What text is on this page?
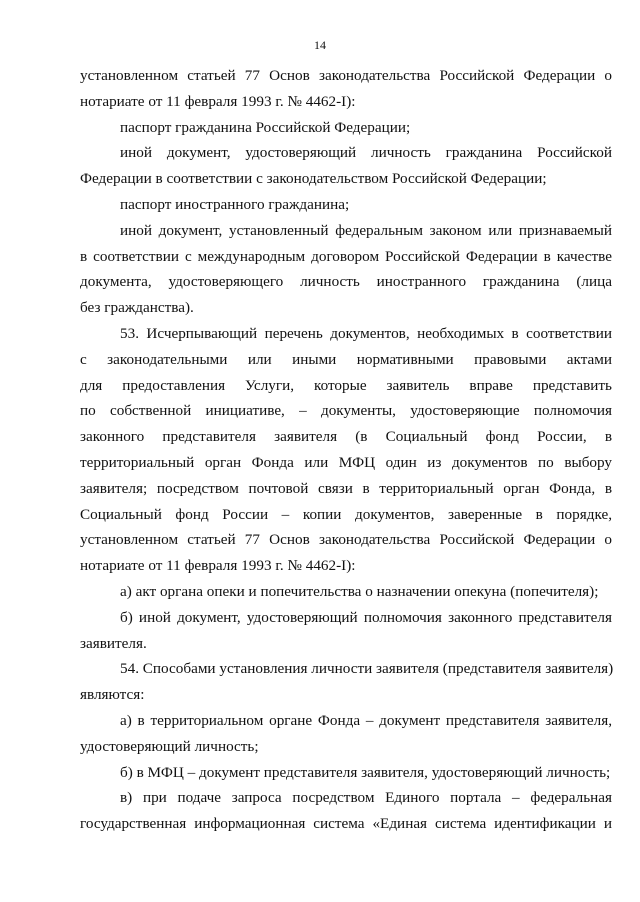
14
установленном статьей 77 Основ законодательства Российской Федерации о
нотариате от 11 февраля 1993 г. № 4462-I):
паспорт гражданина Российской Федерации;
иной документ, удостоверяющий личность гражданина Российской
Федерации в соответствии с законодательством Российской Федерации;
паспорт иностранного гражданина;
иной документ, установленный федеральным законом или признаваемый
в соответствии с международным договором Российской Федерации в качестве
документа, удостоверяющего личность иностранного гражданина (лица
без гражданства).
53. Исчерпывающий перечень документов, необходимых в соответствии
с законодательными или иными нормативными правовыми актами
для предоставления Услуги, которые заявитель вправе представить
по собственной инициативе, – документы, удостоверяющие полномочия
законного представителя заявителя (в Социальный фонд России, в
территориальный орган Фонда или МФЦ один из документов по выбору
заявителя; посредством почтовой связи в территориальный орган Фонда, в
Социальный фонд России – копии документов, заверенные в порядке,
установленном статьей 77 Основ законодательства Российской Федерации о
нотариате от 11 февраля 1993 г. № 4462-I):
а) акт органа опеки и попечительства о назначении опекуна (попечителя);
б) иной документ, удостоверяющий полномочия законного представителя
заявителя.
54. Способами установления личности заявителя (представителя заявителя)
являются:
а) в территориальном органе Фонда – документ представителя заявителя,
удостоверяющий личность;
б) в МФЦ – документ представителя заявителя, удостоверяющий личность;
в) при подаче запроса посредством Единого портала – федеральная
государственная информационная система «Единая система идентификации и
